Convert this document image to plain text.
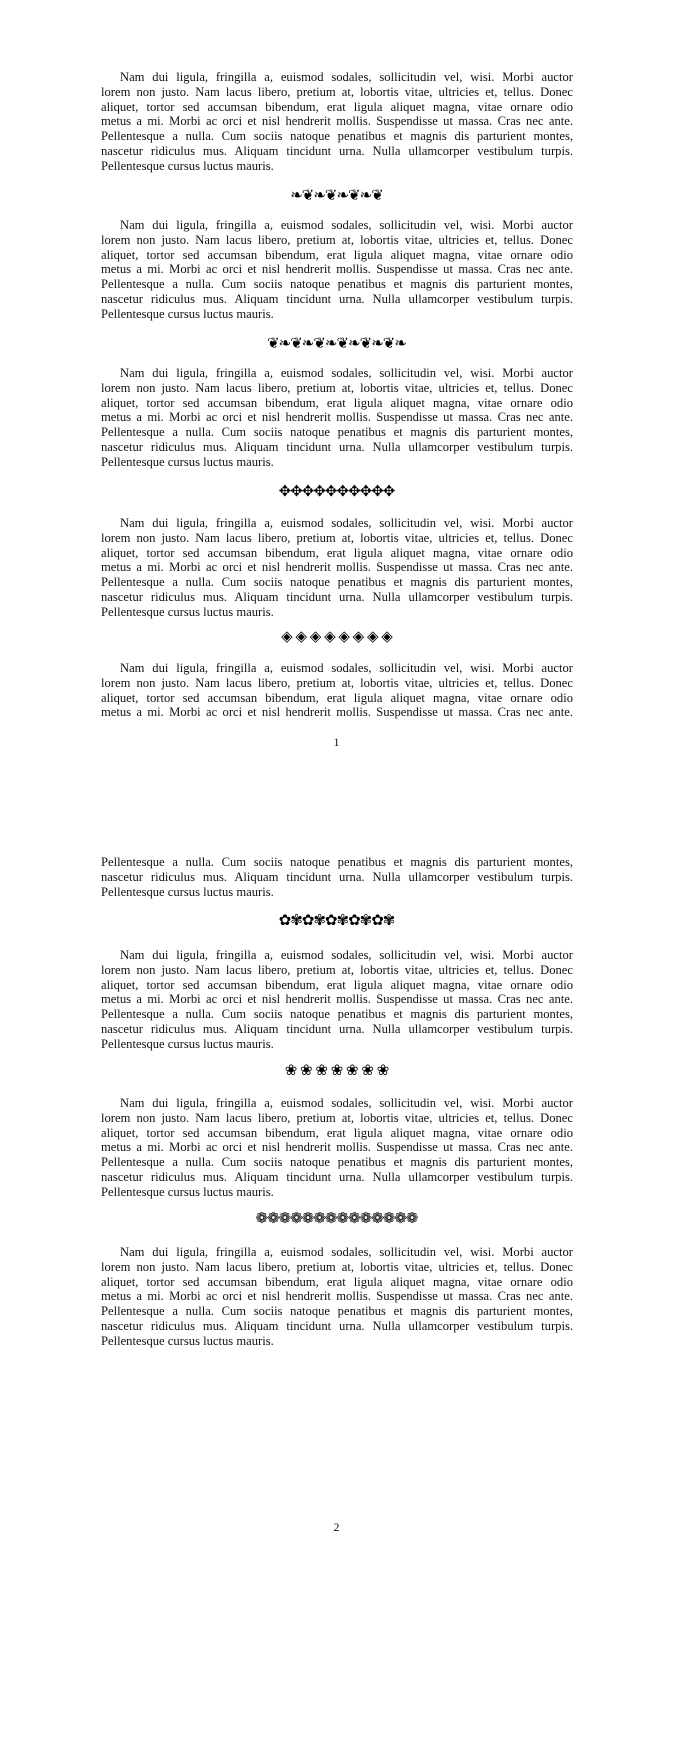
Nam dui ligula, fringilla a, euismod sodales, sollicitudin vel, wisi. Morbi auctor
lorem non justo. Nam lacus libero, pretium at, lobortis vitae, ultricies et, tellus. Donec
aliquet, tortor sed accumsan bibendum, erat ligula aliquet magna, vitae ornare odio
metus a mi. Morbi ac orci et nisl hendrerit mollis. Suspendisse ut massa. Cras nec ante.
Pellentesque a nulla. Cum sociis natoque penatibus et magnis dis parturient montes,
nascetur ridiculus mus. Aliquam tincidunt urna. Nulla ullamcorper vestibulum turpis.
Pellentesque cursus luctus mauris.
❧❦❧❦❧❦❧❦
Nam dui ligula, fringilla a, euismod sodales, sollicitudin vel, wisi. Morbi auctor
lorem non justo. Nam lacus libero, pretium at, lobortis vitae, ultricies et, tellus. Donec
aliquet, tortor sed accumsan bibendum, erat ligula aliquet magna, vitae ornare odio
metus a mi. Morbi ac orci et nisl hendrerit mollis. Suspendisse ut massa. Cras nec ante.
Pellentesque a nulla. Cum sociis natoque penatibus et magnis dis parturient montes,
nascetur ridiculus mus. Aliquam tincidunt urna. Nulla ullamcorper vestibulum turpis.
Pellentesque cursus luctus mauris.
❦❧❦❧❦❧❦❧❦❧❦❧
Nam dui ligula, fringilla a, euismod sodales, sollicitudin vel, wisi. Morbi auctor
lorem non justo. Nam lacus libero, pretium at, lobortis vitae, ultricies et, tellus. Donec
aliquet, tortor sed accumsan bibendum, erat ligula aliquet magna, vitae ornare odio
metus a mi. Morbi ac orci et nisl hendrerit mollis. Suspendisse ut massa. Cras nec ante.
Pellentesque a nulla. Cum sociis natoque penatibus et magnis dis parturient montes,
nascetur ridiculus mus. Aliquam tincidunt urna. Nulla ullamcorper vestibulum turpis.
Pellentesque cursus luctus mauris.
✥✥✥✥✥✥✥✥✥✥
Nam dui ligula, fringilla a, euismod sodales, sollicitudin vel, wisi. Morbi auctor
lorem non justo. Nam lacus libero, pretium at, lobortis vitae, ultricies et, tellus. Donec
aliquet, tortor sed accumsan bibendum, erat ligula aliquet magna, vitae ornare odio
metus a mi. Morbi ac orci et nisl hendrerit mollis. Suspendisse ut massa. Cras nec ante.
Pellentesque a nulla. Cum sociis natoque penatibus et magnis dis parturient montes,
nascetur ridiculus mus. Aliquam tincidunt urna. Nulla ullamcorper vestibulum turpis.
Pellentesque cursus luctus mauris.
◈ ◈ ◈ ◈ ◈ ◈ ◈ ◈
Nam dui ligula, fringilla a, euismod sodales, sollicitudin vel, wisi. Morbi auctor
lorem non justo. Nam lacus libero, pretium at, lobortis vitae, ultricies et, tellus. Donec
aliquet, tortor sed accumsan bibendum, erat ligula aliquet magna, vitae ornare odio
metus a mi. Morbi ac orci et nisl hendrerit mollis. Suspendisse ut massa. Cras nec ante.
1
Pellentesque a nulla. Cum sociis natoque penatibus et magnis dis parturient montes,
nascetur ridiculus mus. Aliquam tincidunt urna. Nulla ullamcorper vestibulum turpis.
Pellentesque cursus luctus mauris.
✿✾✿✾✿✾✿✾✿✾
Nam dui ligula, fringilla a, euismod sodales, sollicitudin vel, wisi. Morbi auctor
lorem non justo. Nam lacus libero, pretium at, lobortis vitae, ultricies et, tellus. Donec
aliquet, tortor sed accumsan bibendum, erat ligula aliquet magna, vitae ornare odio
metus a mi. Morbi ac orci et nisl hendrerit mollis. Suspendisse ut massa. Cras nec ante.
Pellentesque a nulla. Cum sociis natoque penatibus et magnis dis parturient montes,
nascetur ridiculus mus. Aliquam tincidunt urna. Nulla ullamcorper vestibulum turpis.
Pellentesque cursus luctus mauris.
❀ ❀ ❀ ❀ ❀ ❀ ❀
Nam dui ligula, fringilla a, euismod sodales, sollicitudin vel, wisi. Morbi auctor
lorem non justo. Nam lacus libero, pretium at, lobortis vitae, ultricies et, tellus. Donec
aliquet, tortor sed accumsan bibendum, erat ligula aliquet magna, vitae ornare odio
metus a mi. Morbi ac orci et nisl hendrerit mollis. Suspendisse ut massa. Cras nec ante.
Pellentesque a nulla. Cum sociis natoque penatibus et magnis dis parturient montes,
nascetur ridiculus mus. Aliquam tincidunt urna. Nulla ullamcorper vestibulum turpis.
Pellentesque cursus luctus mauris.
❁❁❁❁❁❁❁❁❁❁❁❁❁❁
Nam dui ligula, fringilla a, euismod sodales, sollicitudin vel, wisi. Morbi auctor
lorem non justo. Nam lacus libero, pretium at, lobortis vitae, ultricies et, tellus. Donec
aliquet, tortor sed accumsan bibendum, erat ligula aliquet magna, vitae ornare odio
metus a mi. Morbi ac orci et nisl hendrerit mollis. Suspendisse ut massa. Cras nec ante.
Pellentesque a nulla. Cum sociis natoque penatibus et magnis dis parturient montes,
nascetur ridiculus mus. Aliquam tincidunt urna. Nulla ullamcorper vestibulum turpis.
Pellentesque cursus luctus mauris.
2
